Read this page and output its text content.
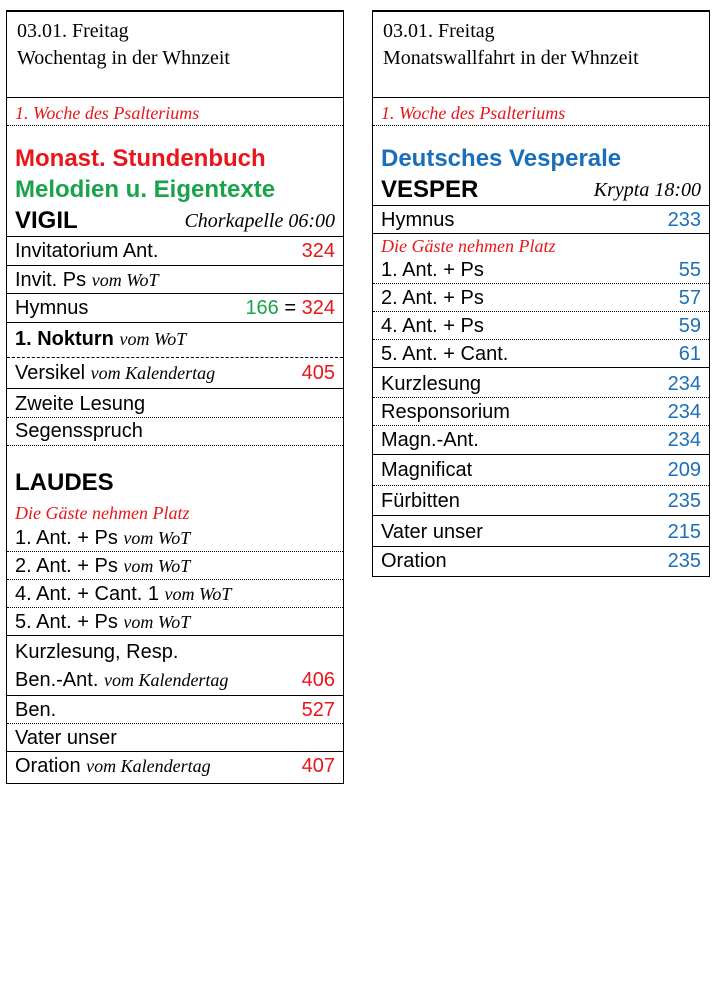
03.01. Freitag
Wochentag in der Whnzeit
1. Woche des Psalteriums
Monast. Stundenbuch
Melodien u. Eigentexte
VIGIL	Chorkapelle 06:00
Invitatorium Ant.	324
Invit. Ps vom WoT
Hymnus	166 = 324
1. Nokturn vom WoT
Versikel vom Kalendertag	405
Zweite Lesung
Segensspruch
LAUDES
Die Gäste nehmen Platz
1. Ant. + Ps vom WoT
2. Ant. + Ps vom WoT
4. Ant. + Cant. 1 vom WoT
5. Ant. + Ps vom WoT
Kurzlesung, Resp.
Ben.-Ant. vom Kalendertag	406
Ben.	527
Vater unser
Oration vom Kalendertag	407
03.01. Freitag
Monatswallfahrt in der Whnzeit
1. Woche des Psalteriums
Deutsches Vesperale
VESPER	Krypta 18:00
Hymnus	233
Die Gäste nehmen Platz
1. Ant. + Ps	55
2. Ant. + Ps	57
4. Ant. + Ps	59
5. Ant. + Cant.	61
Kurzlesung	234
Responsorium	234
Magn.-Ant.	234
Magnificat	209
Fürbitten	235
Vater unser	215
Oration	235
